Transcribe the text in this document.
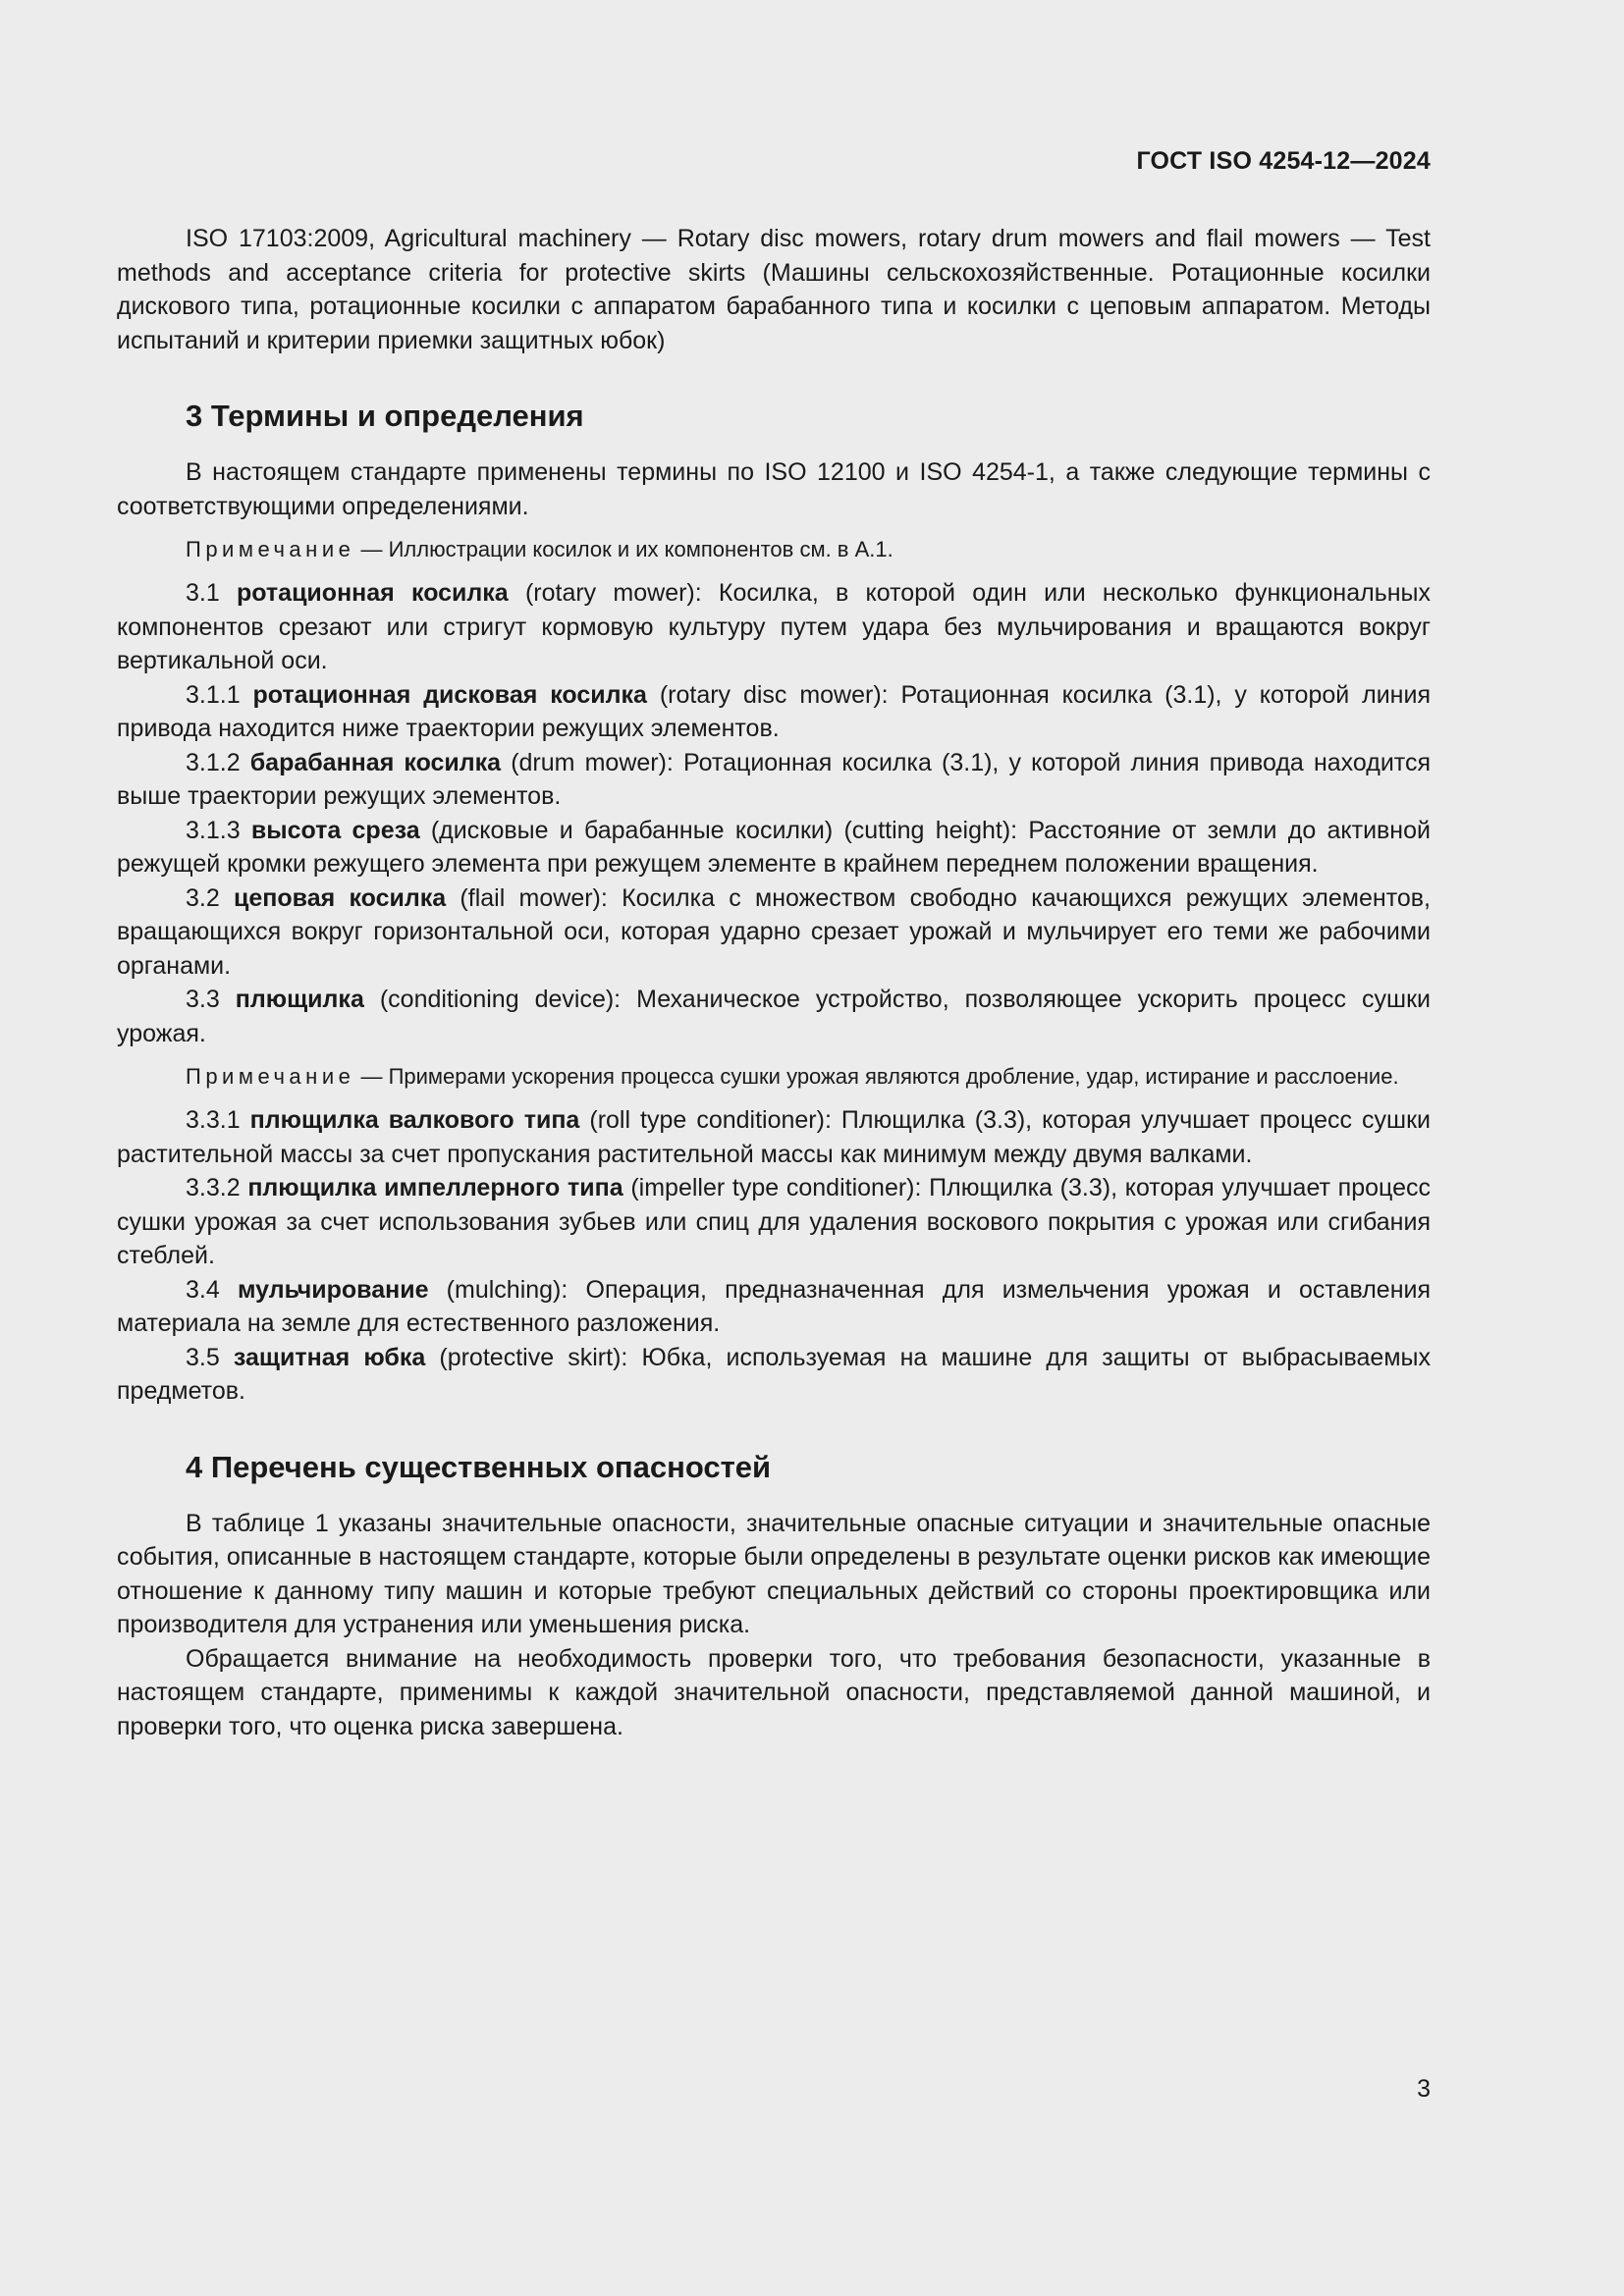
ГОСТ ISO 4254-12—2024

ISO 17103:2009, Agricultural machinery — Rotary disc mowers, rotary drum mowers and flail mowers — Test methods and acceptance criteria for protective skirts (Машины сельскохозяйственные. Ротационные косилки дискового типа, ротационные косилки с аппаратом барабанного типа и косилки с цеповым аппаратом. Методы испытаний и критерии приемки защитных юбок)

3 Термины и определения

В настоящем стандарте применены термины по ISO 12100 и ISO 4254-1, а также следующие термины с соответствующими определениями.

Примечание — Иллюстрации косилок и их компонентов см. в А.1.

3.1 ротационная косилка (rotary mower): Косилка, в которой один или несколько функциональных компонентов срезают или стригут кормовую культуру путем удара без мульчирования и вращаются вокруг вертикальной оси.

3.1.1 ротационная дисковая косилка (rotary disc mower): Ротационная косилка (3.1), у которой линия привода находится ниже траектории режущих элементов.

3.1.2 барабанная косилка (drum mower): Ротационная косилка (3.1), у которой линия привода находится выше траектории режущих элементов.

3.1.3 высота среза (дисковые и барабанные косилки) (cutting height): Расстояние от земли до активной режущей кромки режущего элемента при режущем элементе в крайнем переднем положении вращения.

3.2 цеповая косилка (flail mower): Косилка с множеством свободно качающихся режущих элементов, вращающихся вокруг горизонтальной оси, которая ударно срезает урожай и мульчирует его теми же рабочими органами.

3.3 плющилка (conditioning device): Механическое устройство, позволяющее ускорить процесс сушки урожая.

Примечание — Примерами ускорения процесса сушки урожая являются дробление, удар, истирание и расслоение.

3.3.1 плющилка валкового типа (roll type conditioner): Плющилка (3.3), которая улучшает процесс сушки растительной массы за счет пропускания растительной массы как минимум между двумя валками.

3.3.2 плющилка импеллерного типа (impeller type conditioner): Плющилка (3.3), которая улучшает процесс сушки урожая за счет использования зубьев или спиц для удаления воскового покрытия с урожая или сгибания стеблей.

3.4 мульчирование (mulching): Операция, предназначенная для измельчения урожая и оставления материала на земле для естественного разложения.

3.5 защитная юбка (protective skirt): Юбка, используемая на машине для защиты от выбрасываемых предметов.

4 Перечень существенных опасностей

В таблице 1 указаны значительные опасности, значительные опасные ситуации и значительные опасные события, описанные в настоящем стандарте, которые были определены в результате оценки рисков как имеющие отношение к данному типу машин и которые требуют специальных действий со стороны проектировщика или производителя для устранения или уменьшения риска.

Обращается внимание на необходимость проверки того, что требования безопасности, указанные в настоящем стандарте, применимы к каждой значительной опасности, представляемой данной машиной, и проверки того, что оценка риска завершена.

3
